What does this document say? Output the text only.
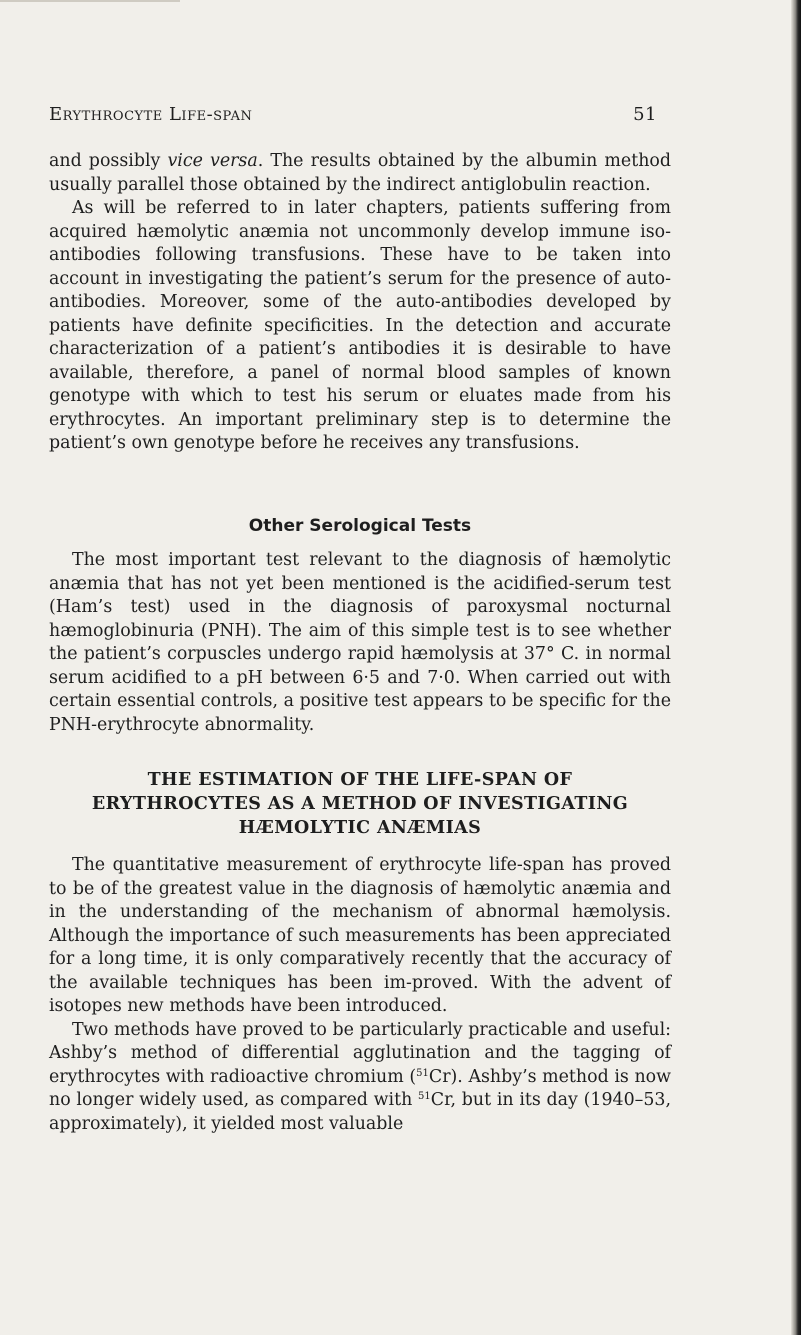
Erythrocyte Life-span	51

and possibly vice versa. The results obtained by the albumin method usually parallel those obtained by the indirect antiglobulin reaction.

As will be referred to in later chapters, patients suffering from acquired hæmolytic anæmia not uncommonly develop immune iso-antibodies following transfusions. These have to be taken into account in investigating the patient’s serum for the presence of auto-antibodies. Moreover, some of the auto-antibodies developed by patients have definite specificities. In the detection and accurate characterization of a patient’s antibodies it is desirable to have available, therefore, a panel of normal blood samples of known genotype with which to test his serum or eluates made from his erythrocytes. An important preliminary step is to determine the patient’s own genotype before he receives any transfusions.

Other Serological Tests

The most important test relevant to the diagnosis of hæmolytic anæmia that has not yet been mentioned is the acidified-serum test (Ham’s test) used in the diagnosis of paroxysmal nocturnal hæmoglobinuria (PNH). The aim of this simple test is to see whether the patient’s corpuscles undergo rapid hæmolysis at 37° C. in normal serum acidified to a pH between 6·5 and 7·0. When carried out with certain essential controls, a positive test appears to be specific for the PNH-erythrocyte abnormality.

THE ESTIMATION OF THE LIFE-SPAN OF
ERYTHROCYTES AS A METHOD OF INVESTIGATING
HÆMOLYTIC ANÆMIAS

The quantitative measurement of erythrocyte life-span has proved to be of the greatest value in the diagnosis of hæmolytic anæmia and in the understanding of the mechanism of abnormal hæmolysis. Although the importance of such measurements has been appreciated for a long time, it is only comparatively recently that the accuracy of the available techniques has been im-proved. With the advent of isotopes new methods have been introduced.

Two methods have proved to be particularly practicable and useful: Ashby’s method of differential agglutination and the tagging of erythrocytes with radioactive chromium ($^{51}$Cr). Ashby’s method is now no longer widely used, as compared with $^{51}$Cr, but in its day (1940–53, approximately), it yielded most valuable
